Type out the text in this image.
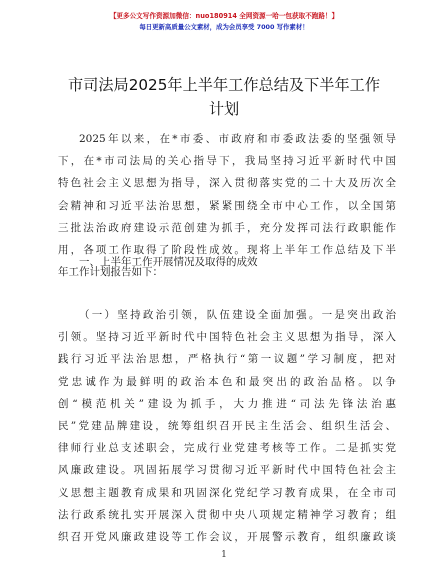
【更多公文写作资源加微信：nuo180914 全网资源一哈一包获取不跑路！】
每日更新高质量公文素材，成为会员享受 7000 写作素材！
市司法局2025年上半年工作总结及下半年工作
计划
2025年以来，在*市委、市政府和市委政法委的坚强领导
下，在*市司法局的关心指导下，我局坚持习近平新时代中国
特色社会主义思想为指导，深入贯彻落实党的二十大及历次全
会精神和习近平法治思想，紧紧围绕全市中心工作，以全国第
三批法治政府建设示范创建为抓手，充分发挥司法行政职能作
用，各项工作取得了阶段性成效。现将上半年工作总结及下半
年工作计划报告如下：
一、上半年工作开展情况及取得的成效
（一）坚持政治引领，队伍建设全面加强。一是突出政治
引领。坚持习近平新时代中国特色社会主义思想为指导，深入
践行习近平法治思想，严格执行“第一议题”学习制度，把对
党忠诚作为最鲜明的政治本色和最突出的政治品格。以争
创“模范机关”建设为抓手，大力推进“司法先锋法治惠
民”党建品牌建设，统筹组织召开民主生活会、组织生活会、
律师行业总支述职会，完成行业党建考核等工作。二是抓实党
风廉政建设。巩固拓展学习贯彻习近平新时代中国特色社会主
义思想主题教育成果和巩固深化党纪学习教育成果，在全市司
法行政系统扎实开展深入贯彻中央八项规定精神学习教育；组
织召开党风廉政建设等工作会议，开展警示教育，组织廉政谈
1
